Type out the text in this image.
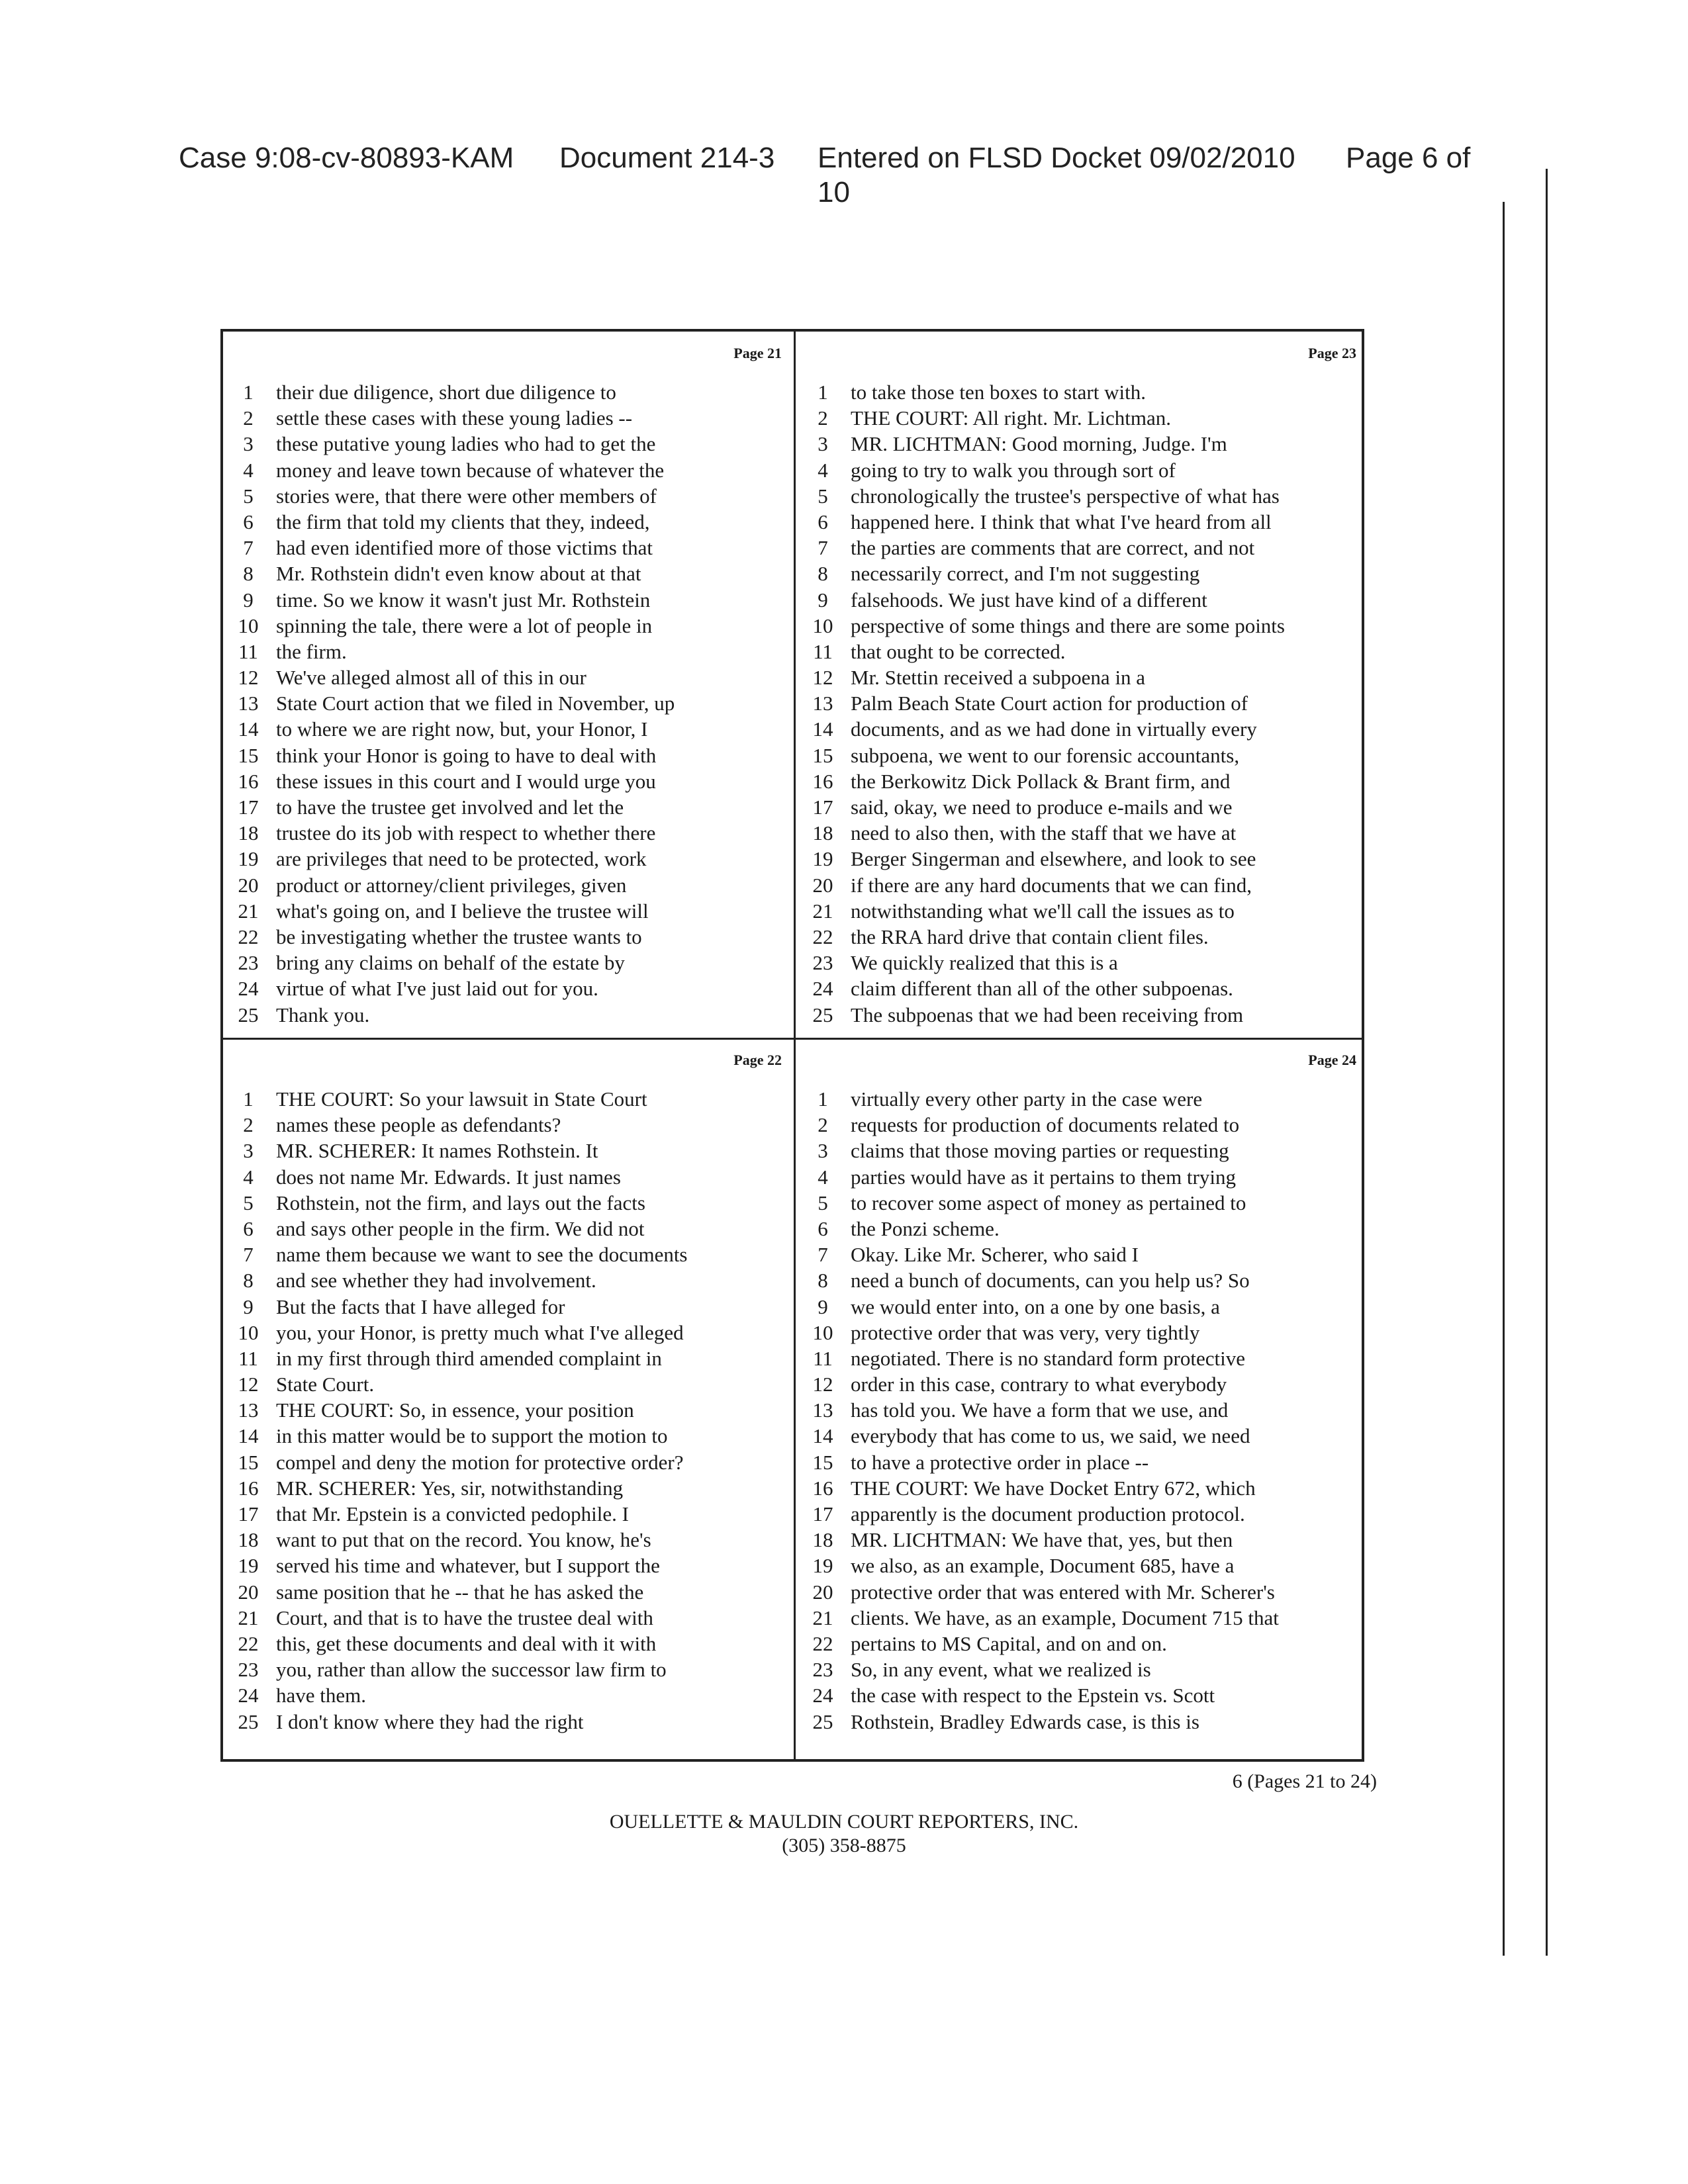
Case 9:08-cv-80893-KAM Document 214-3 Entered on FLSD Docket 09/02/2010 Page 6 of
10
Page 21
1	their due diligence, short due diligence to
2	settle these cases with these young ladies --
3	these putative young ladies who had to get the
4	money and leave town because of whatever the
5	stories were, that there were other members of
6	the firm that told my clients that they, indeed,
7	had even identified more of those victims that
8	Mr. Rothstein didn't even know about at that
9	time. So we know it wasn't just Mr. Rothstein
10 spinning the tale, there were a lot of people in
11 the firm.
12 We've alleged almost all of this in our
13 State Court action that we filed in November, up
14 to where we are right now, but, your Honor, I
15 think your Honor is going to have to deal with
16 these issues in this court and I would urge you
17 to have the trustee get involved and let the
18 trustee do its job with respect to whether there
19 are privileges that need to be protected, work
20 product or attorney/client privileges, given
21 what's going on, and I believe the trustee will
22 be investigating whether the trustee wants to
23 bring any claims on behalf of the estate by
24 virtue of what I've just laid out for you.
25 Thank you.
Page 23
1	to take those ten boxes to start with.
2	THE COURT: All right. Mr. Lichtman.
3	MR. LICHTMAN: Good morning, Judge. I'm
4	going to try to walk you through sort of
5	chronologically the trustee's perspective of what has
6	happened here. I think that what I've heard from all
7	the parties are comments that are correct, and not
8	necessarily correct, and I'm not suggesting
9	falsehoods. We just have kind of a different
10 perspective of some things and there are some points
11 that ought to be corrected.
12 Mr. Stettin received a subpoena in a
13 Palm Beach State Court action for production of
14 documents, and as we had done in virtually every
15 subpoena, we went to our forensic accountants,
16 the Berkowitz Dick Pollack & Brant firm, and
17 said, okay, we need to produce e-mails and we
18 need to also then, with the staff that we have at
19 Berger Singerman and elsewhere, and look to see
20 if there are any hard documents that we can find,
21 notwithstanding what we'll call the issues as to
22 the RRA hard drive that contain client files.
23 We quickly realized that this is a
24 claim different than all of the other subpoenas.
25 The subpoenas that we had been receiving from
Page 22
1	THE COURT: So your lawsuit in State Court
2	names these people as defendants?
3	MR. SCHERER: It names Rothstein. It
4	does not name Mr. Edwards. It just names
5	Rothstein, not the firm, and lays out the facts
6	and says other people in the firm. We did not
7	name them because we want to see the documents
8	and see whether they had involvement.
9	But the facts that I have alleged for
10 you, your Honor, is pretty much what I've alleged
11 in my first through third amended complaint in
12 State Court.
13 THE COURT: So, in essence, your position
14 in this matter would be to support the motion to
15 compel and deny the motion for protective order?
16 MR. SCHERER: Yes, sir, notwithstanding
17 that Mr. Epstein is a convicted pedophile. I
18 want to put that on the record. You know, he's
19 served his time and whatever, but I support the
20 same position that he -- that he has asked the
21 Court, and that is to have the trustee deal with
22 this, get these documents and deal with it with
23 you, rather than allow the successor law firm to
24 have them.
25 I don't know where they had the right
Page 24
1	virtually every other party in the case were
2	requests for production of documents related to
3	claims that those moving parties or requesting
4	parties would have as it pertains to them trying
5	to recover some aspect of money as pertained to
6	the Ponzi scheme.
7	Okay. Like Mr. Scherer, who said I
8	need a bunch of documents, can you help us? So
9	we would enter into, on a one by one basis, a
10 protective order that was very, very tightly
11 negotiated. There is no standard form protective
12 order in this case, contrary to what everybody
13 has told you. We have a form that we use, and
14 everybody that has come to us, we said, we need
15 to have a protective order in place --
16 THE COURT: We have Docket Entry 672, which
17 apparently is the document production protocol.
18 MR. LICHTMAN: We have that, yes, but then
19 we also, as an example, Document 685, have a
20 protective order that was entered with Mr. Scherer's
21 clients. We have, as an example, Document 715 that
22 pertains to MS Capital, and on and on.
23 So, in any event, what we realized is
24 the case with respect to the Epstein vs. Scott
25 Rothstein, Bradley Edwards case, is this is
6 (Pages 21 to 24)
OUELLETTE & MAULDIN COURT REPORTERS, INC.
(305) 358-8875
